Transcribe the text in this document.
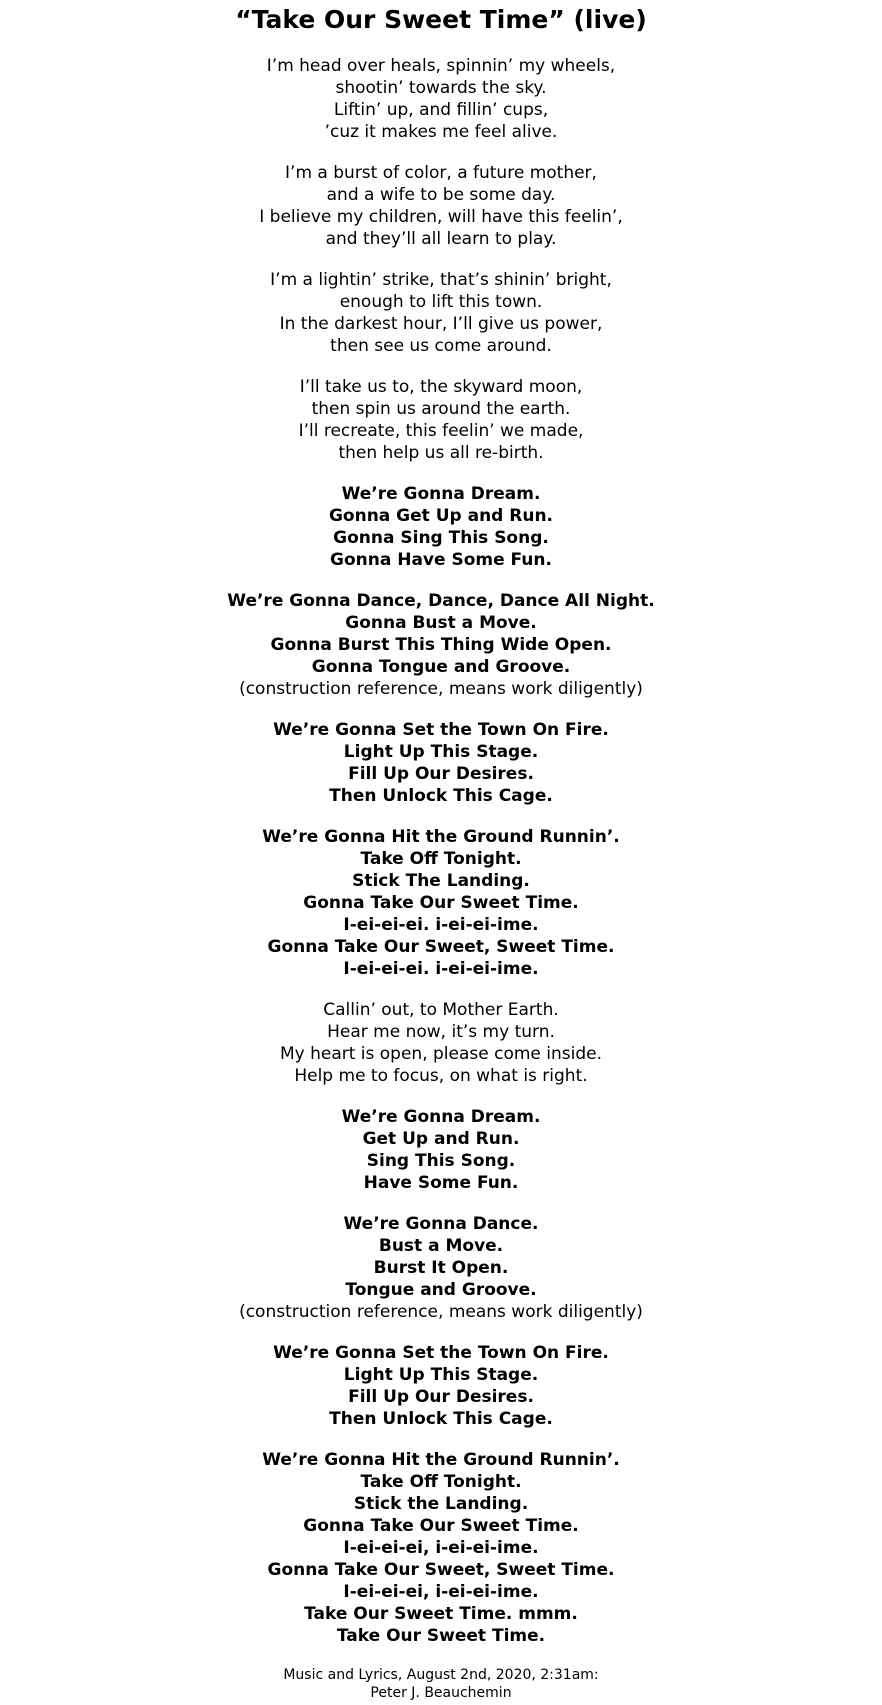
“Take Our Sweet Time” (live)
I’m head over heals, spinnin’ my wheels,
shootin’ towards the sky.
Liftin’ up, and fillin’ cups,
’cuz it makes me feel alive.
I’m a burst of color, a future mother,
and a wife to be some day.
I believe my children, will have this feelin’,
and they’ll all learn to play.
I’m a lightin’ strike, that’s shinin’ bright,
enough to lift this town.
In the darkest hour, I’ll give us power,
then see us come around.
I’ll take us to, the skyward moon,
then spin us around the earth.
I’ll recreate, this feelin’ we made,
then help us all re-birth.
We’re Gonna Dream.
Gonna Get Up and Run.
Gonna Sing This Song.
Gonna Have Some Fun.
We’re Gonna Dance, Dance, Dance All Night.
Gonna Bust a Move.
Gonna Burst This Thing Wide Open.
Gonna Tongue and Groove.
(construction reference, means work diligently)
We’re Gonna Set the Town On Fire.
Light Up This Stage.
Fill Up Our Desires.
Then Unlock This Cage.
We’re Gonna Hit the Ground Runnin’.
Take Off Tonight.
Stick The Landing.
Gonna Take Our Sweet Time.
I-ei-ei-ei. i-ei-ei-ime.
Gonna Take Our Sweet, Sweet Time.
I-ei-ei-ei. i-ei-ei-ime.
Callin’ out, to Mother Earth.
Hear me now, it’s my turn.
My heart is open, please come inside.
Help me to focus, on what is right.
We’re Gonna Dream.
Get Up and Run.
Sing This Song.
Have Some Fun.
We’re Gonna Dance.
Bust a Move.
Burst It Open.
Tongue and Groove.
(construction reference, means work diligently)
We’re Gonna Set the Town On Fire.
Light Up This Stage.
Fill Up Our Desires.
Then Unlock This Cage.
We’re Gonna Hit the Ground Runnin’.
Take Off Tonight.
Stick the Landing.
Gonna Take Our Sweet Time.
I-ei-ei-ei, i-ei-ei-ime.
Gonna Take Our Sweet, Sweet Time.
I-ei-ei-ei, i-ei-ei-ime.
Take Our Sweet Time. mmm.
Take Our Sweet Time.
Music and Lyrics, August 2nd, 2020, 2:31am:
Peter J. Beauchemin
